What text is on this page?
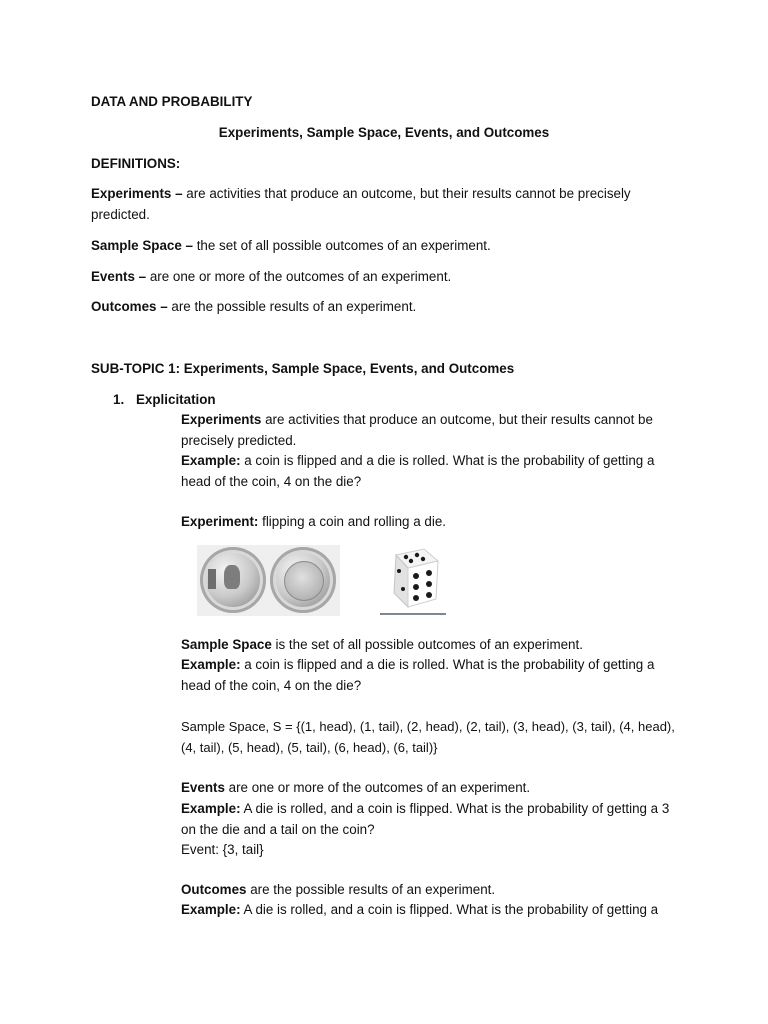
DATA AND PROBABILITY
Experiments, Sample Space, Events, and Outcomes
DEFINITIONS:

Experiments – are activities that produce an outcome, but their results cannot be precisely predicted.

Sample Space – the set of all possible outcomes of an experiment.

Events – are one or more of the outcomes of an experiment.

Outcomes – are the possible results of an experiment.

SUB-TOPIC 1: Experiments, Sample Space, Events, and Outcomes
1. Explicitation

Experiments are activities that produce an outcome, but their results cannot be precisely predicted.

Example: a coin is flipped and a die is rolled. What is the probability of getting a head of the coin, 4 on the die?

Experiment: flipping a coin and rolling a die.

Sample Space is the set of all possible outcomes of an experiment.

Example: a coin is flipped and a die is rolled. What is the probability of getting a head of the coin, 4 on the die?

Sample Space, S = {(1, head), (1, tail), (2, head), (2, tail), (3, head), (3, tail), (4, head), (4, tail), (5, head), (5, tail), (6, head), (6, tail)}

Events are one or more of the outcomes of an experiment.

Example: A die is rolled, and a coin is flipped. What is the probability of getting a 3 on the die and a tail on the coin?

Event: {3, tail}

Outcomes are the possible results of an experiment.

Example: A die is rolled, and a coin is flipped. What is the probability of getting a
